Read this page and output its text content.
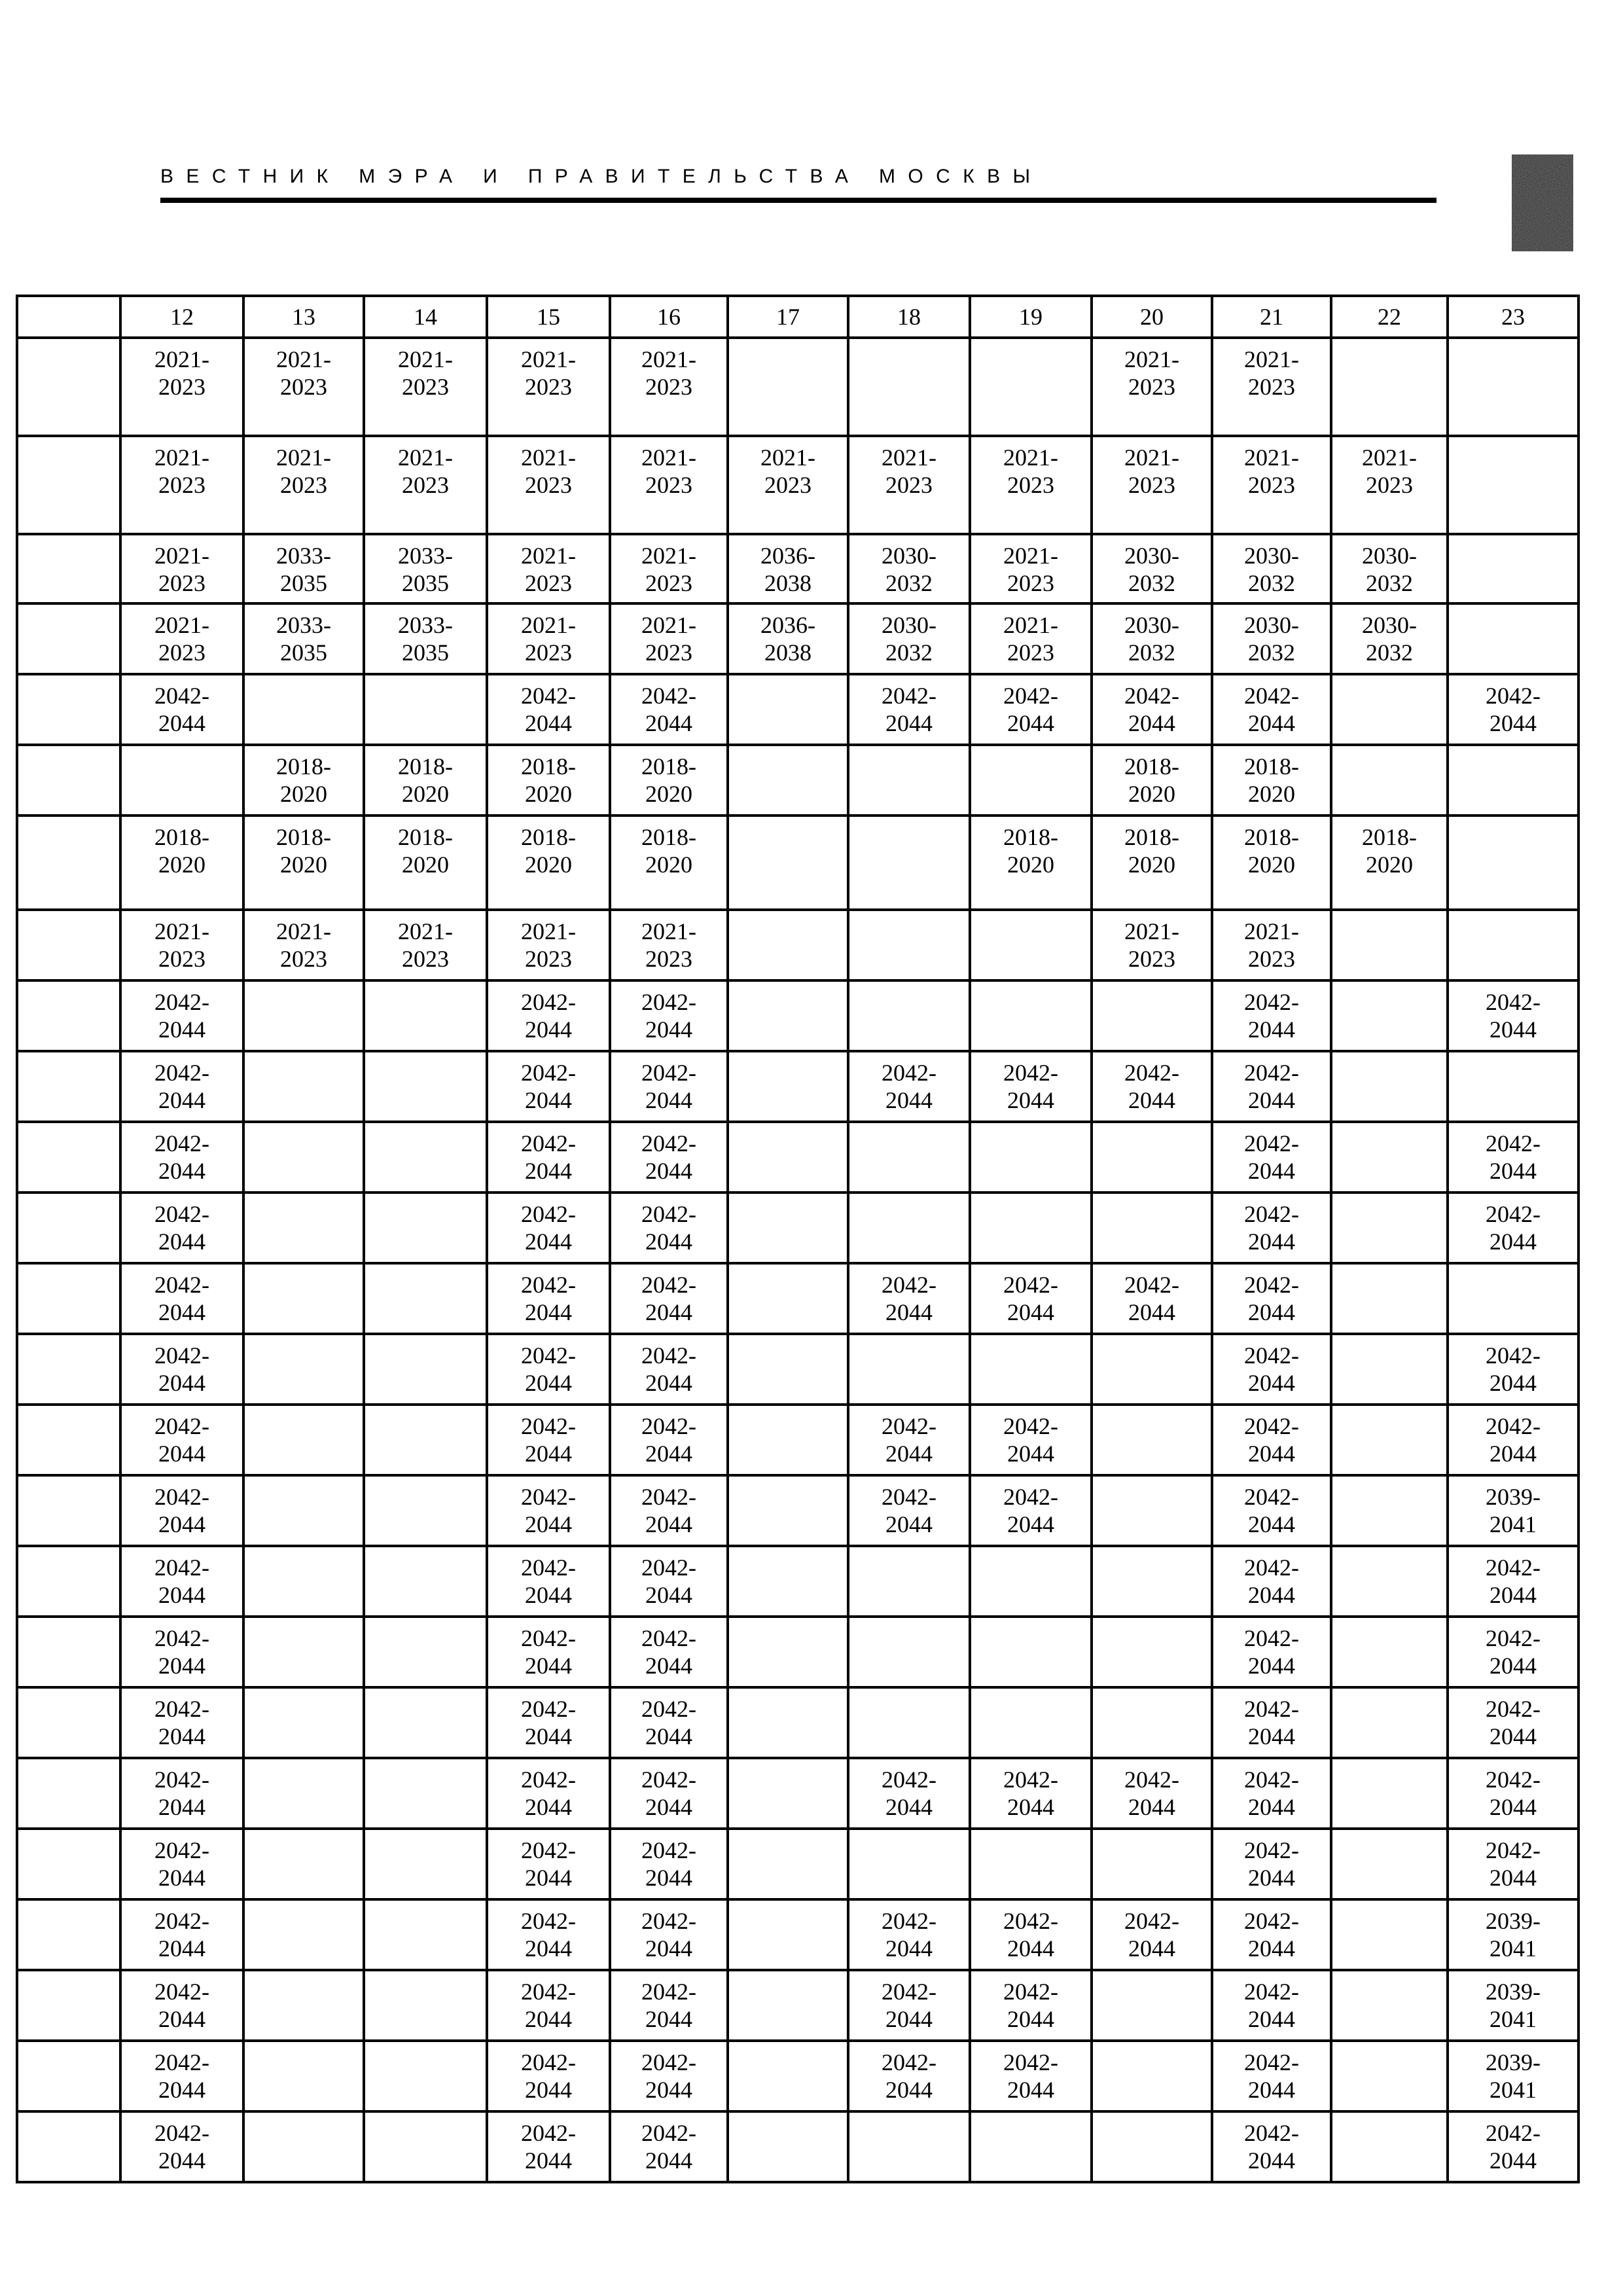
ВЕСТНИК МЭРА И ПРАВИТЕЛЬСТВА МОСКВЫ
	12	13	14	15	16	17	18	19	20	21	22	23
	2021-
2023	2021-
2023	2021-
2023	2021-
2023	2021-
2023				2021-
2023	2021-
2023		
	2021-
2023	2021-
2023	2021-
2023	2021-
2023	2021-
2023	2021-
2023	2021-
2023	2021-
2023	2021-
2023	2021-
2023	2021-
2023	
	2021-
2023	2033-
2035	2033-
2035	2021-
2023	2021-
2023	2036-
2038	2030-
2032	2021-
2023	2030-
2032	2030-
2032	2030-
2032	
	2021-
2023	2033-
2035	2033-
2035	2021-
2023	2021-
2023	2036-
2038	2030-
2032	2021-
2023	2030-
2032	2030-
2032	2030-
2032	
	2042-
2044			2042-
2044	2042-
2044		2042-
2044	2042-
2044	2042-
2044	2042-
2044		2042-
2044
		2018-
2020	2018-
2020	2018-
2020	2018-
2020				2018-
2020	2018-
2020		
	2018-
2020	2018-
2020	2018-
2020	2018-
2020	2018-
2020			2018-
2020	2018-
2020	2018-
2020	2018-
2020	
	2021-
2023	2021-
2023	2021-
2023	2021-
2023	2021-
2023				2021-
2023	2021-
2023		
	2042-
2044			2042-
2044	2042-
2044					2042-
2044		2042-
2044
	2042-
2044			2042-
2044	2042-
2044		2042-
2044	2042-
2044	2042-
2044	2042-
2044		
	2042-
2044			2042-
2044	2042-
2044					2042-
2044		2042-
2044
	2042-
2044			2042-
2044	2042-
2044					2042-
2044		2042-
2044
	2042-
2044			2042-
2044	2042-
2044		2042-
2044	2042-
2044	2042-
2044	2042-
2044		
	2042-
2044			2042-
2044	2042-
2044					2042-
2044		2042-
2044
	2042-
2044			2042-
2044	2042-
2044		2042-
2044	2042-
2044		2042-
2044		2042-
2044
	2042-
2044			2042-
2044	2042-
2044		2042-
2044	2042-
2044		2042-
2044		2039-
2041
	2042-
2044			2042-
2044	2042-
2044					2042-
2044		2042-
2044
	2042-
2044			2042-
2044	2042-
2044					2042-
2044		2042-
2044
	2042-
2044			2042-
2044	2042-
2044					2042-
2044		2042-
2044
	2042-
2044			2042-
2044	2042-
2044		2042-
2044	2042-
2044	2042-
2044	2042-
2044		2042-
2044
	2042-
2044			2042-
2044	2042-
2044					2042-
2044		2042-
2044
	2042-
2044			2042-
2044	2042-
2044		2042-
2044	2042-
2044	2042-
2044	2042-
2044		2039-
2041
	2042-
2044			2042-
2044	2042-
2044		2042-
2044	2042-
2044		2042-
2044		2039-
2041
	2042-
2044			2042-
2044	2042-
2044		2042-
2044	2042-
2044		2042-
2044		2039-
2041
	2042-
2044			2042-
2044	2042-
2044					2042-
2044		2042-
2044
